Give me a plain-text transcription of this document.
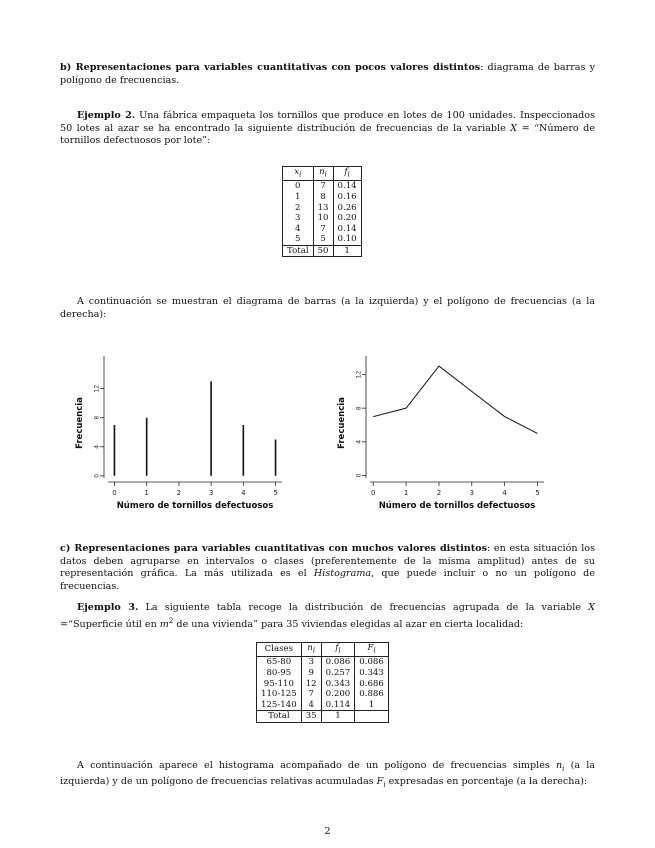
b) Representaciones para variables cuantitativas con pocos valores distintos: diagrama de barras y polígono de frecuencias.

Ejemplo 2. Una fábrica empaqueta los tornillos que produce en lotes de 100 unidades. Inspeccionados 50 lotes al azar se ha encontrado la siguiente distribución de frecuencias de la variable X = “Número de tornillos defectuosos por lote”:

$x_i$	$n_i$	$f_i$
0	7	0.14
1	8	0.16
2	13	0.26
3	10	0.20
4	7	0.14
5	5	0.10
Total	50	1

A continuación se muestran el diagrama de barras (a la izquierda) y el polígono de frecuencias (a la derecha):

0	1	2	3	4	5
0
4
8
12
Número de tornillos defectuosos
Frecuencia
0	1	2	3	4	5
0
4
8
12
Número de tornillos defectuosos
Frecuencia

c) Representaciones para variables cuantitativas con muchos valores distintos: en esta situación los datos deben agruparse en intervalos o clases (preferentemente de la misma amplitud) antes de su representación gráfica. La más utilizada es el Histograma, que puede incluir o no un polígono de frecuencias.

Ejemplo 3. La siguiente tabla recoge la distribución de frecuencias agrupada de la variable X =“Superficie útil en $m^2$ de una vivienda” para 35 viviendas elegidas al azar en cierta localidad:

Clases	$n_i$	$f_i$	$F_i$
65-80	3	0.086	0.086
80-95	9	0.257	0.343
95-110	12	0.343	0.686
110-125	7	0.200	0.886
125-140	4	0.114	1
Total	35	1	

A continuación aparece el histograma acompañado de un polígono de frecuencias simples $n_i$ (a la izquierda) y de un polígono de frecuencias relativas acumuladas $F_i$ expresadas en porcentaje (a la derecha):

2
